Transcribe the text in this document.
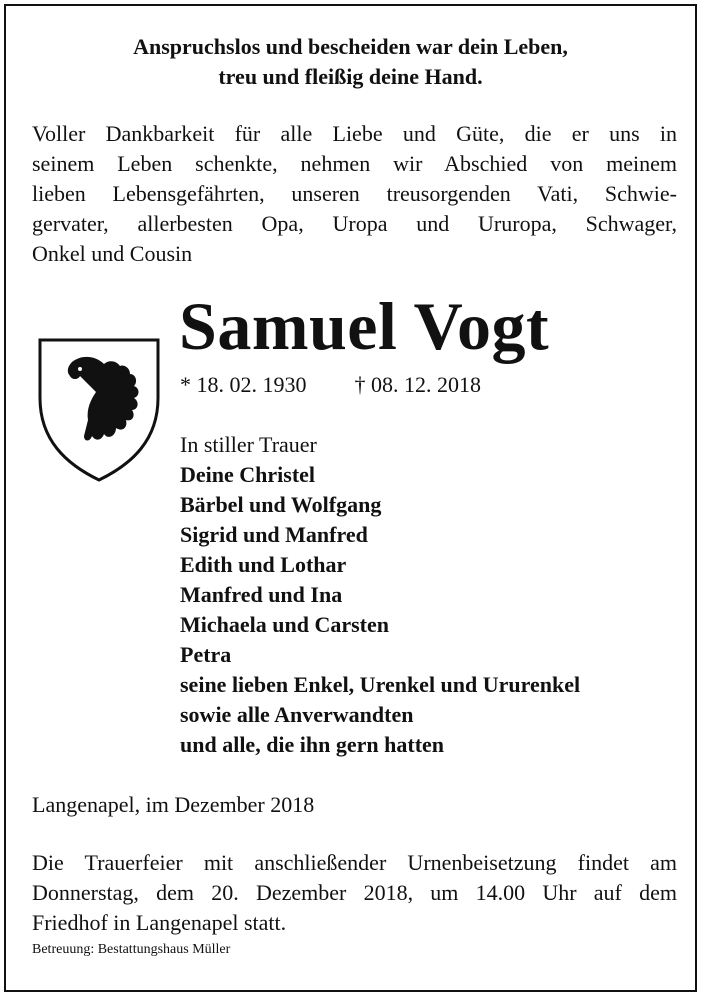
Anspruchslos und bescheiden war dein Leben,
treu und fleißig deine Hand.
Voller Dankbarkeit für alle Liebe und Güte, die er uns in
seinem Leben schenkte, nehmen wir Abschied von meinem
lieben Lebensgefährten, unseren treusorgenden Vati, Schwie-
gervater, allerbesten Opa, Uropa und Ururopa, Schwager,
Onkel und Cousin
Samuel Vogt
* 18. 02. 1930 † 08. 12. 2018
In stiller Trauer
Deine Christel
Bärbel und Wolfgang
Sigrid und Manfred
Edith und Lothar
Manfred und Ina
Michaela und Carsten
Petra
seine lieben Enkel, Urenkel und Ururenkel
sowie alle Anverwandten
und alle, die ihn gern hatten
Langenapel, im Dezember 2018
Die Trauerfeier mit anschließender Urnenbeisetzung findet am
Donnerstag, dem 20. Dezember 2018, um 14.00 Uhr auf dem
Friedhof in Langenapel statt.
Betreuung: Bestattungshaus Müller
